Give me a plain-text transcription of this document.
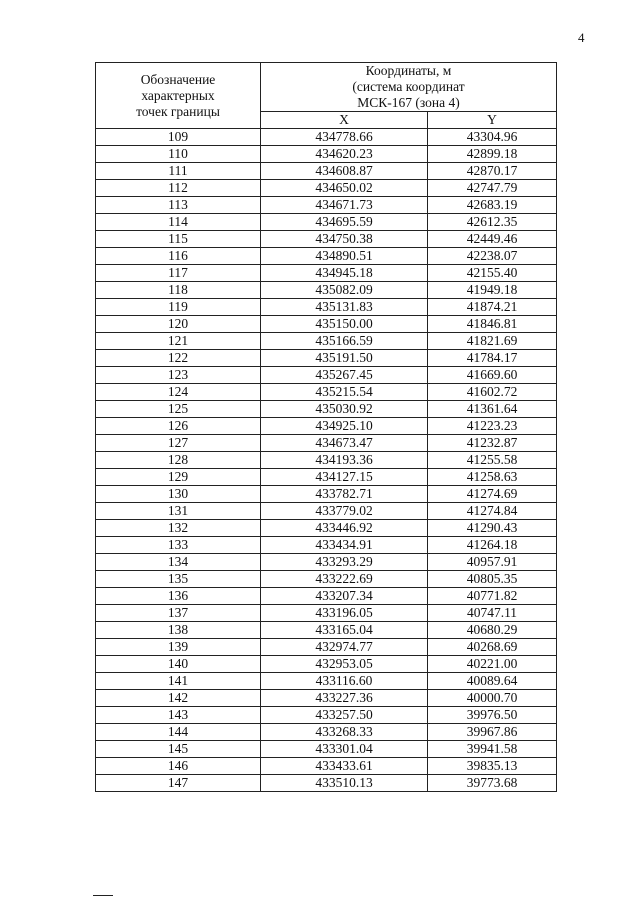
4
Обозначение
характерных
точек границы	Координаты, м
(система координат
МСК-167 (зона 4)	

	X	Y
109	434778.66	43304.96
110	434620.23	42899.18
111	434608.87	42870.17
112	434650.02	42747.79
113	434671.73	42683.19
114	434695.59	42612.35
115	434750.38	42449.46
116	434890.51	42238.07
117	434945.18	42155.40
118	435082.09	41949.18
119	435131.83	41874.21
120	435150.00	41846.81
121	435166.59	41821.69
122	435191.50	41784.17
123	435267.45	41669.60
124	435215.54	41602.72
125	435030.92	41361.64
126	434925.10	41223.23
127	434673.47	41232.87
128	434193.36	41255.58
129	434127.15	41258.63
130	433782.71	41274.69
131	433779.02	41274.84
132	433446.92	41290.43
133	433434.91	41264.18
134	433293.29	40957.91
135	433222.69	40805.35
136	433207.34	40771.82
137	433196.05	40747.11
138	433165.04	40680.29
139	432974.77	40268.69
140	432953.05	40221.00
141	433116.60	40089.64
142	433227.36	40000.70
143	433257.50	39976.50
144	433268.33	39967.86
145	433301.04	39941.58
146	433433.61	39835.13
147	433510.13	39773.68
